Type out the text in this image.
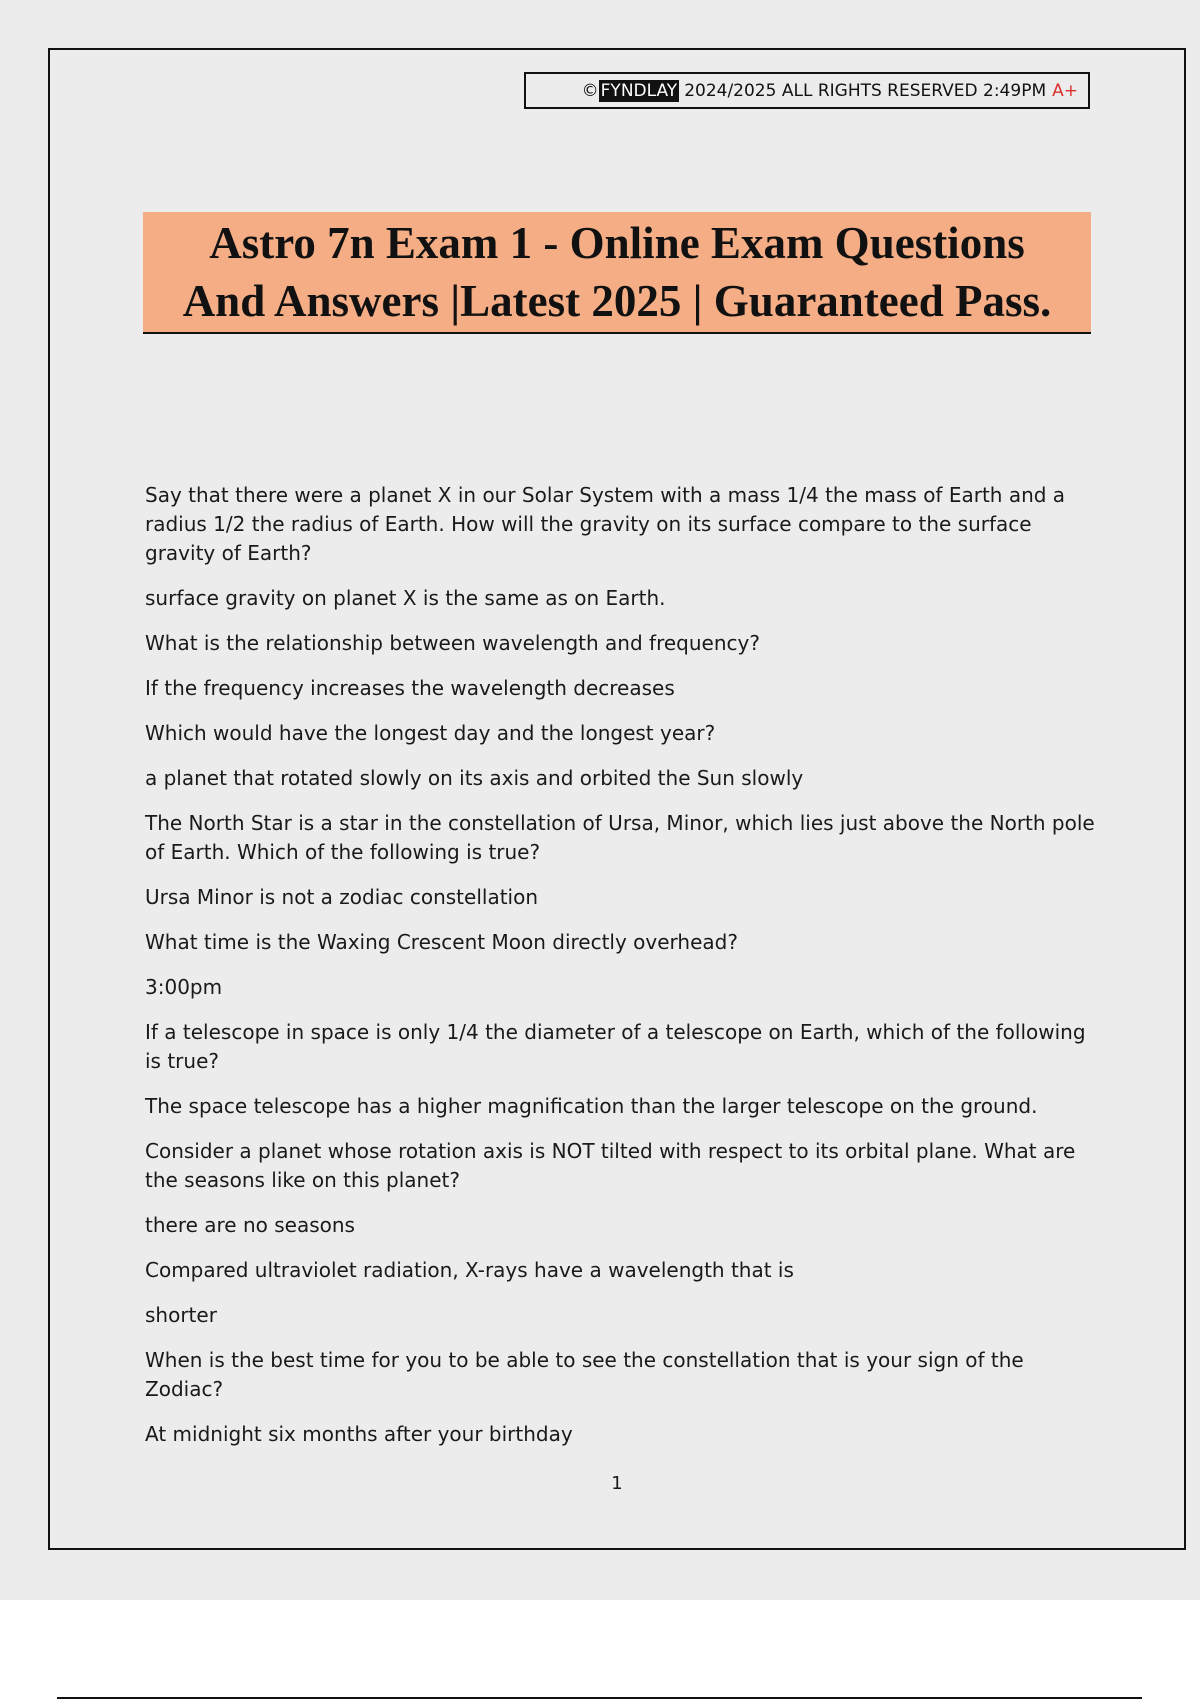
© FYNDLAY 2024/2025 ALL RIGHTS RESERVED 2:49PM A+
Astro 7n Exam 1 - Online Exam Questions
And Answers |Latest 2025 | Guaranteed Pass.

Say that there were a planet X in our Solar System with a mass 1/4 the mass of Earth and a radius 1/2 the radius of Earth. How will the gravity on its surface compare to the surface gravity of Earth?

surface gravity on planet X is the same as on Earth.

What is the relationship between wavelength and frequency?

If the frequency increases the wavelength decreases

Which would have the longest day and the longest year?

a planet that rotated slowly on its axis and orbited the Sun slowly

The North Star is a star in the constellation of Ursa, Minor, which lies just above the North pole of Earth. Which of the following is true?

Ursa Minor is not a zodiac constellation

What time is the Waxing Crescent Moon directly overhead?

3:00pm

If a telescope in space is only 1/4 the diameter of a telescope on Earth, which of the following is true?

The space telescope has a higher magnification than the larger telescope on the ground.

Consider a planet whose rotation axis is NOT tilted with respect to its orbital plane. What are the seasons like on this planet?

there are no seasons

Compared ultraviolet radiation, X-rays have a wavelength that is

shorter

When is the best time for you to be able to see the constellation that is your sign of the Zodiac?

At midnight six months after your birthday

1
